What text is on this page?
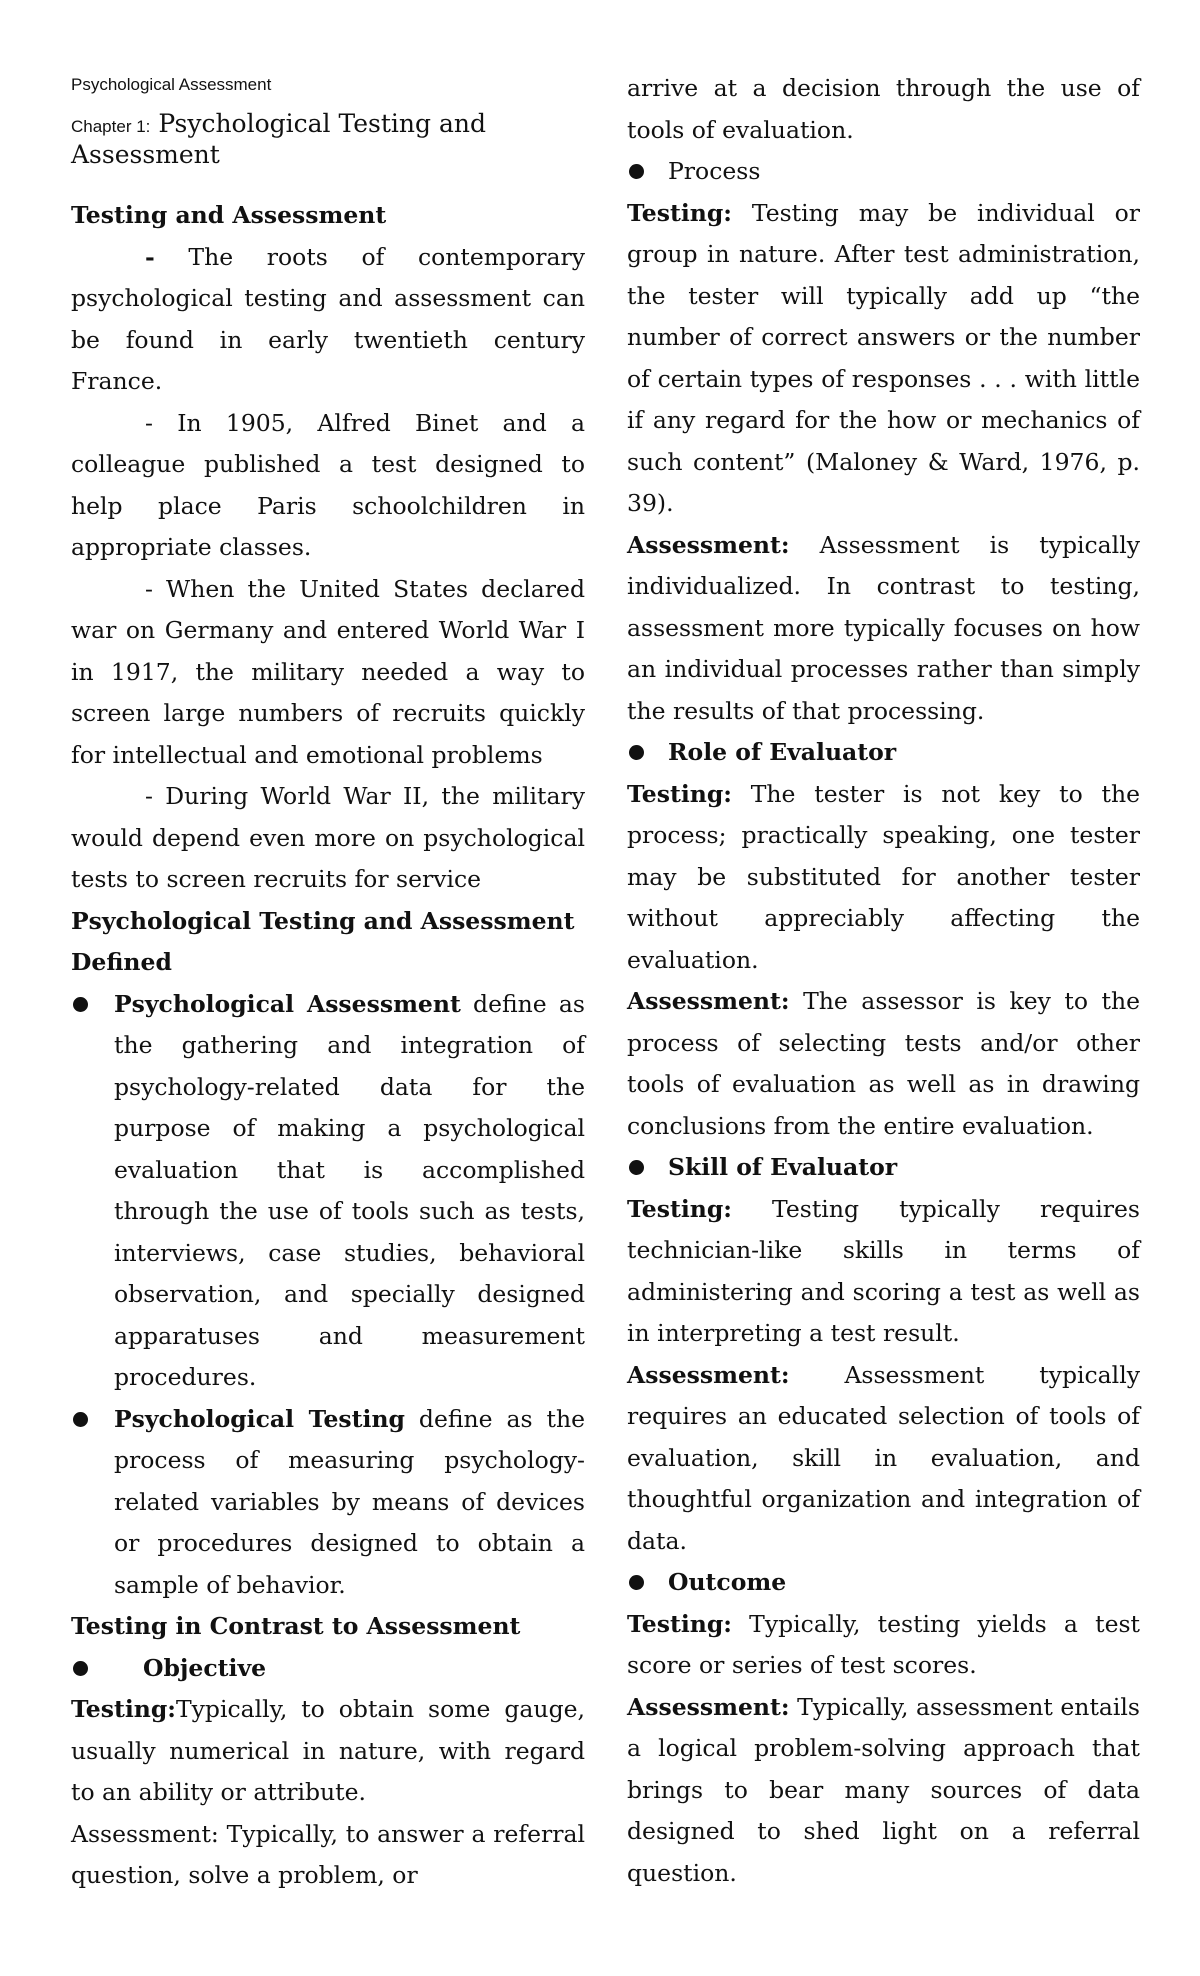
Psychological Assessment

Chapter 1: Psychological Testing and Assessment

Testing and Assessment

- The roots of contemporary psychological testing and assessment can be found in early twentieth century France.

- In 1905, Alfred Binet and a colleague published a test designed to help place Paris schoolchildren in appropriate classes.

- When the United States declared war on Germany and entered World War I in 1917, the military needed a way to screen large numbers of recruits quickly for intellectual and emotional problems

- During World War II, the military would depend even more on psychological tests to screen recruits for service

Psychological Testing and Assessment Defined

Psychological Assessment define as the gathering and integration of psychology-related data for the purpose of making a psychological evaluation that is accomplished through the use of tools such as tests, interviews, case studies, behavioral observation, and specially designed apparatuses and measurement procedures.
Psychological Testing define as the process of measuring psychology-related variables by means of devices or procedures designed to obtain a sample of behavior.

Testing in Contrast to Assessment

Objective

Testing:Typically, to obtain some gauge, usually numerical in nature, with regard to an ability or attribute.

Assessment: Typically, to answer a referral question, solve a problem, or

arrive at a decision through the use of tools of evaluation.

Process

Testing: Testing may be individual or group in nature. After test administration, the tester will typically add up “the number of correct answers or the number of certain types of responses . . . with little if any regard for the how or mechanics of such content” (Maloney & Ward, 1976, p. 39).

Assessment: Assessment is typically individualized. In contrast to testing, assessment more typically focuses on how an individual processes rather than simply the results of that processing.

Role of Evaluator

Testing: The tester is not key to the process; practically speaking, one tester may be substituted for another tester without appreciably affecting the evaluation.

Assessment: The assessor is key to the process of selecting tests and/or other tools of evaluation as well as in drawing conclusions from the entire evaluation.

Skill of Evaluator

Testing: Testing typically requires technician-like skills in terms of administering and scoring a test as well as in interpreting a test result.

Assessment: Assessment typically requires an educated selection of tools of evaluation, skill in evaluation, and thoughtful organization and integration of data.

Outcome

Testing: Typically, testing yields a test score or series of test scores.

Assessment: Typically, assessment entails a logical problem-solving approach that brings to bear many sources of data designed to shed light on a referral question.
